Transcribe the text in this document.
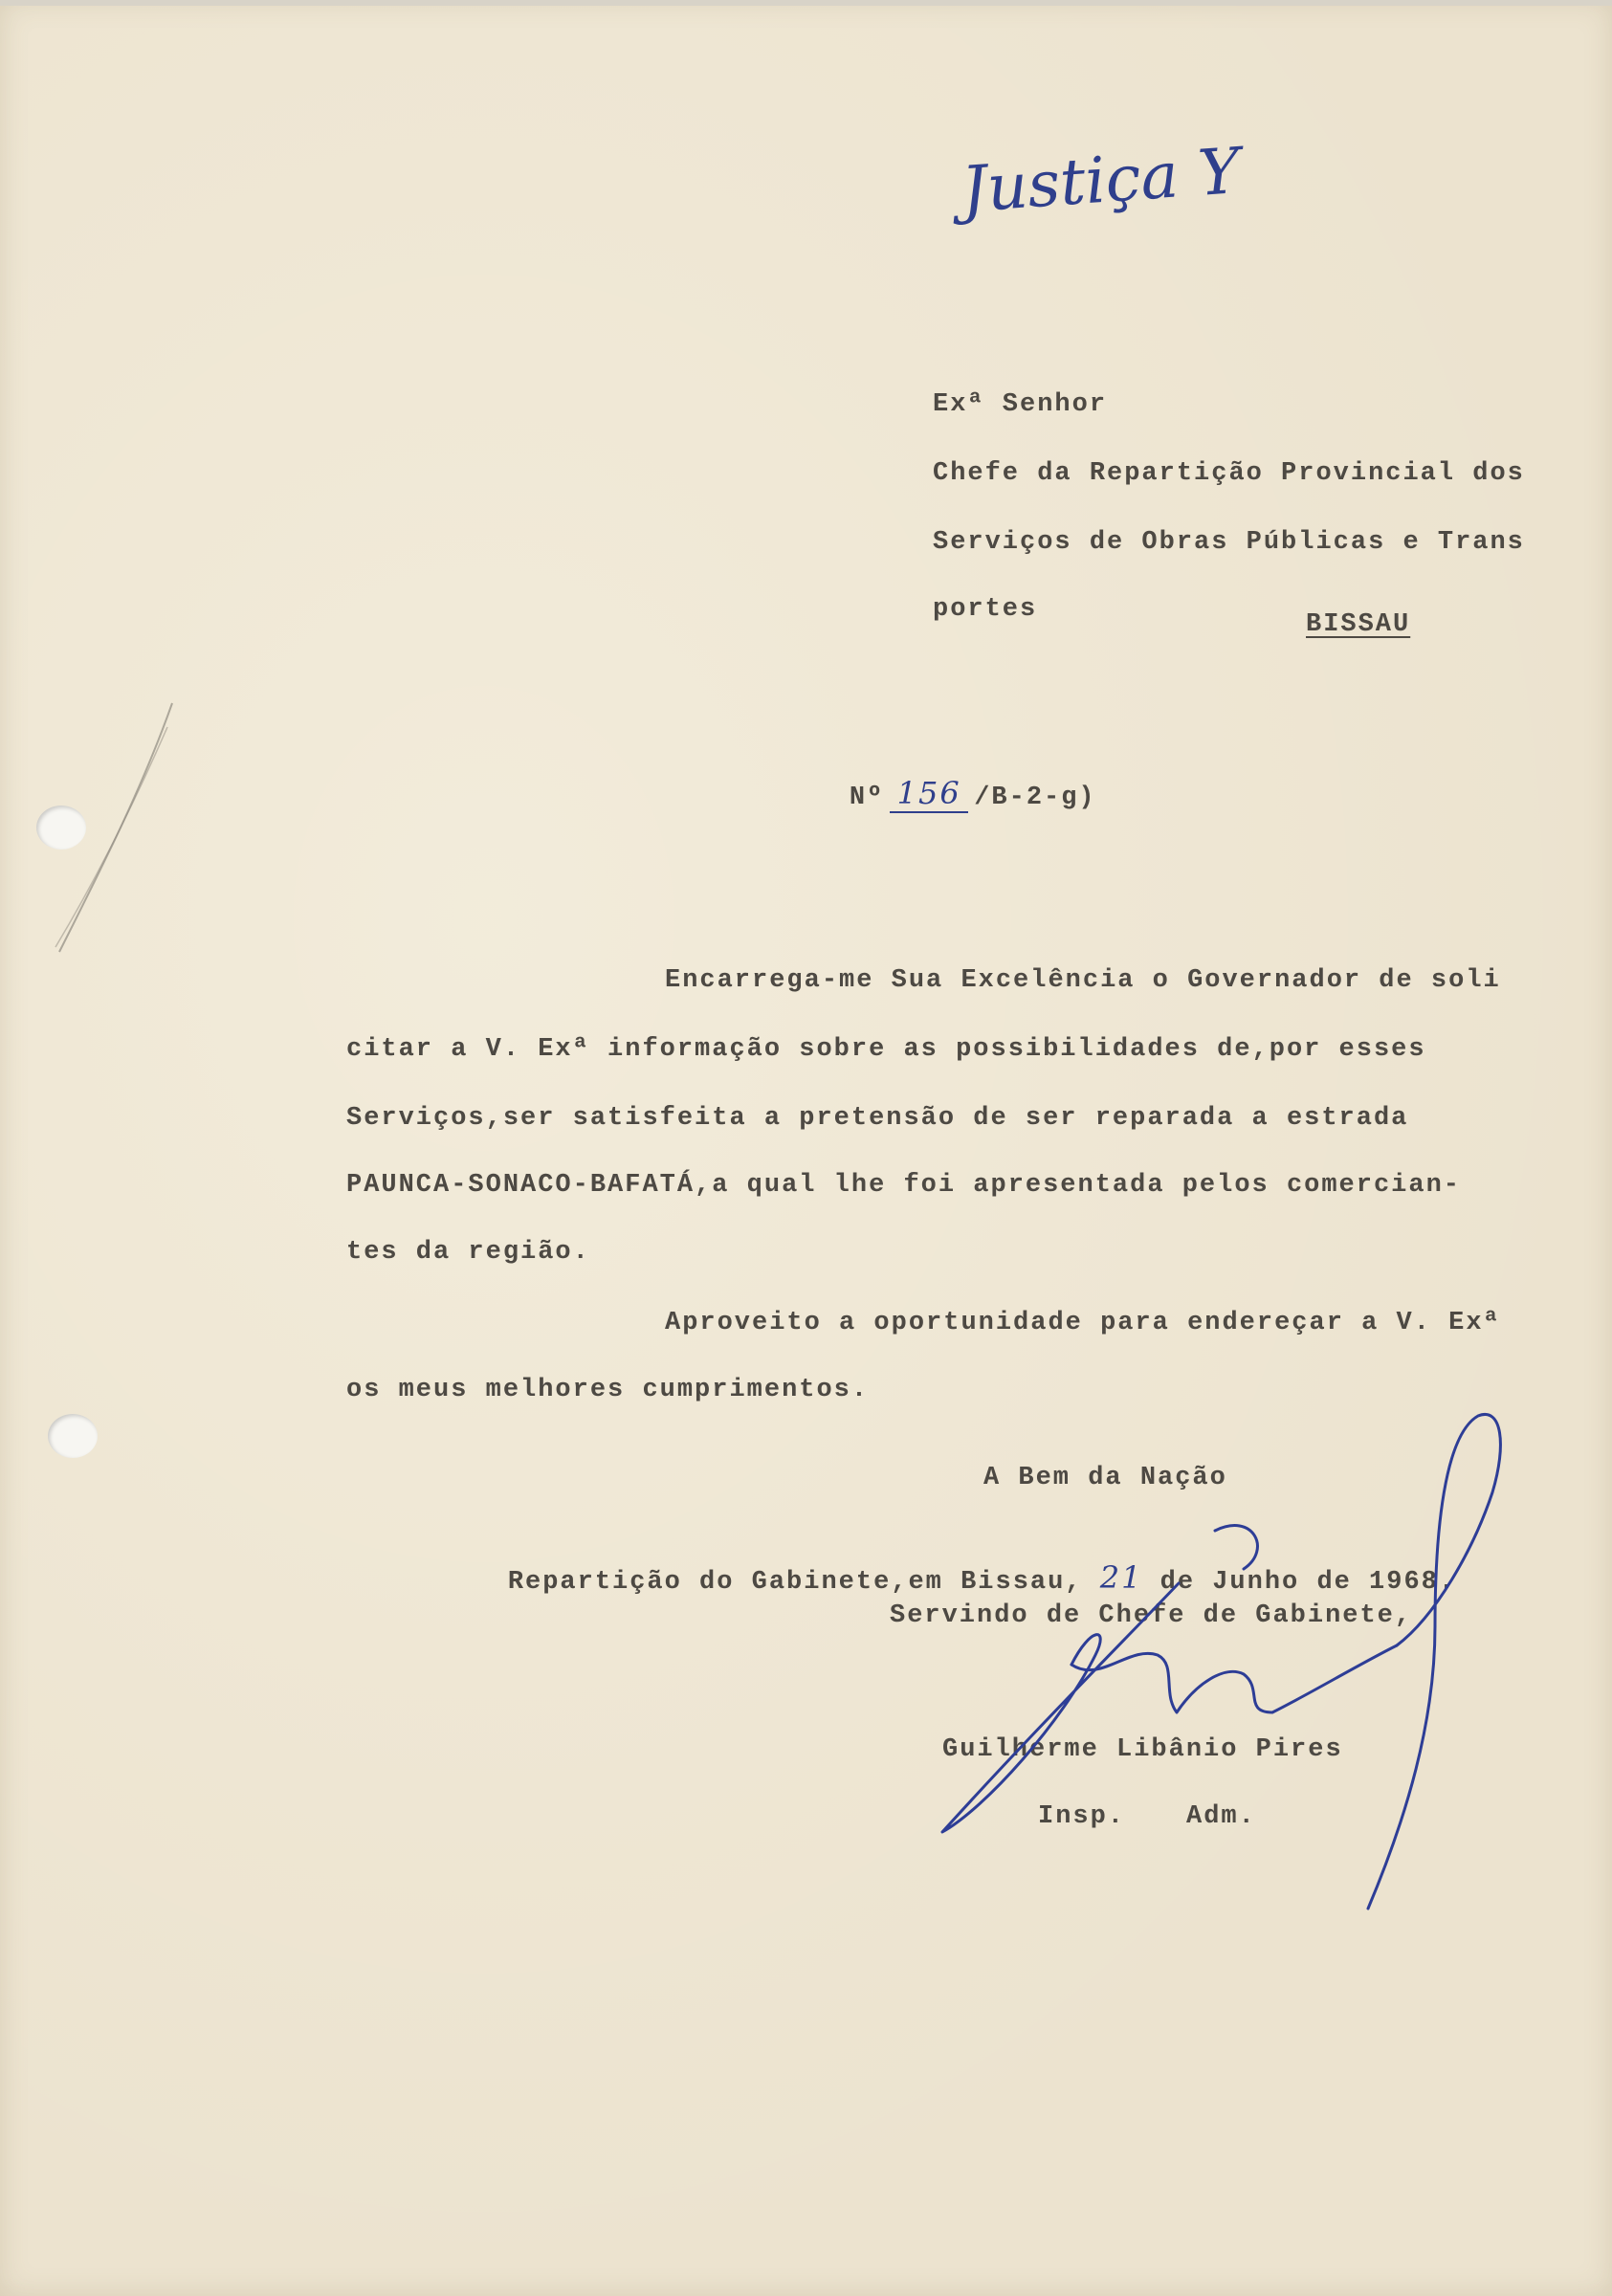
Justiça Y
Exª Senhor
Chefe da Repartição Provincial dos
Serviços de Obras Públicas e Trans
portes
BISSAU

Nº 156 /B-2-g)

Encarrega-me Sua Excelência o Governador de soli
citar a V. Exª informação sobre as possibilidades de,por esses
Serviços,ser satisfeita a pretensão de ser reparada a estrada
PAUNCA-SONACO-BAFATÁ,a qual lhe foi apresentada pelos comercian-
tes da região.
Aproveito a oportunidade para endereçar a V. Exª
os meus melhores cumprimentos.
A Bem da Nação

Repartição do Gabinete,em Bissau, 21 de Junho de 1968.

Servindo de Chefe de Gabinete,
Guilherme Libânio Pires
Insp. Adm.
